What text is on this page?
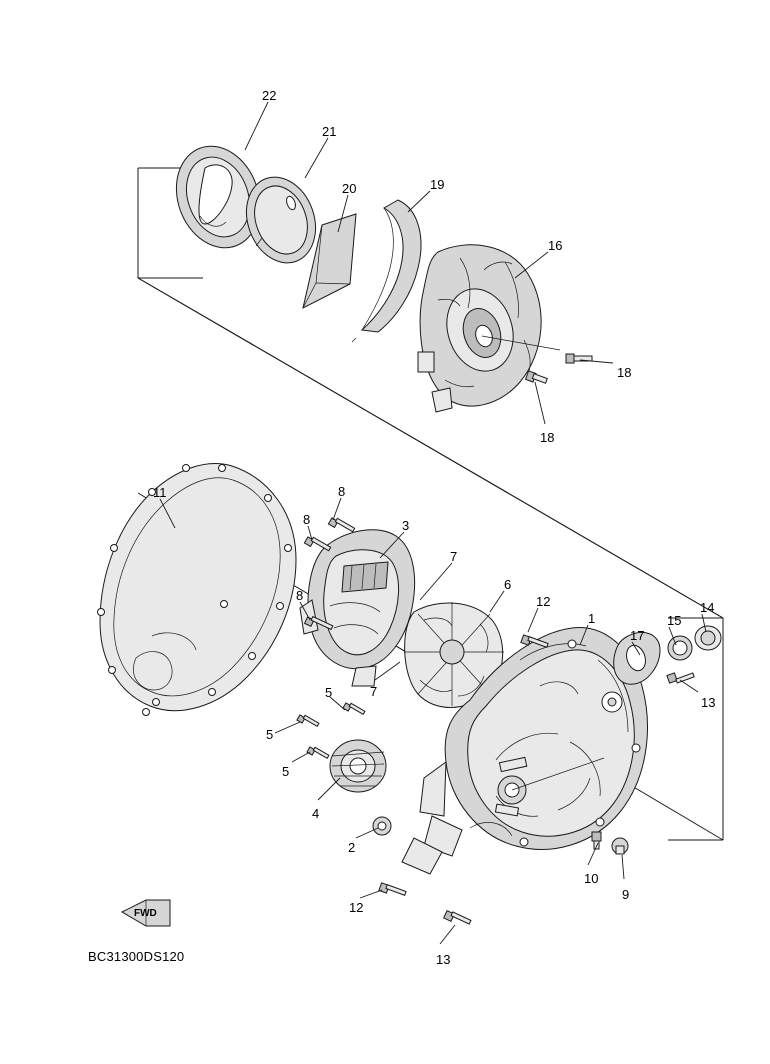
22
21
20	19
16
18
18
11	8
8
8
3
7
7
6
12
1
17
15
14
13
5
5
5
4
2
12
13
10
9
FWD
BC31300DS120
